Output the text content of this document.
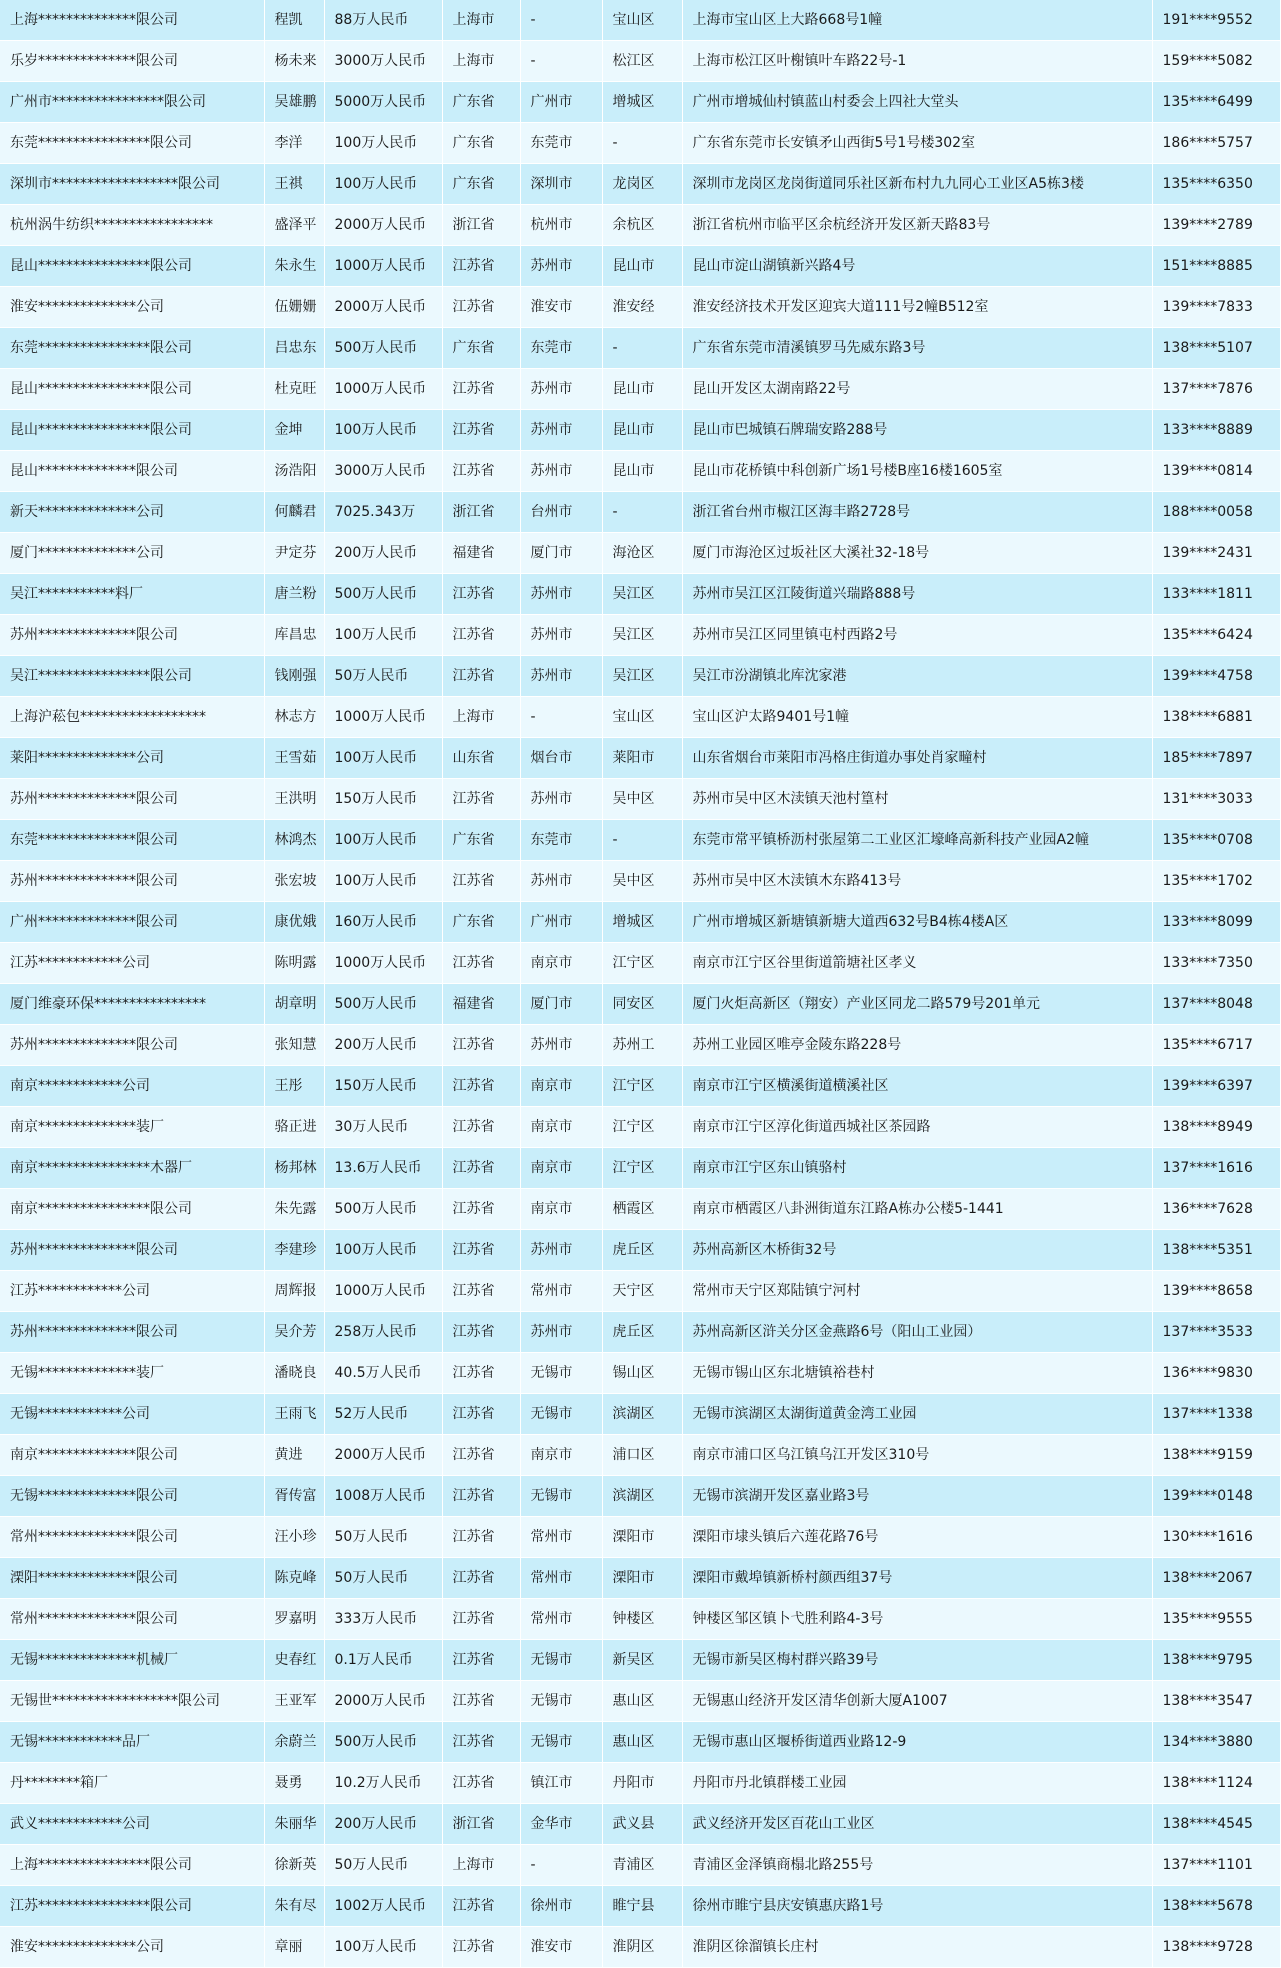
上海**************限公司	程凯	88万人民币	上海市	-	宝山区	上海市宝山区上大路668号1幢	191****9552
乐岁**************限公司	杨未来	3000万人民币	上海市	-	松江区	上海市松江区叶榭镇叶车路22号-1	159****5082
广州市****************限公司	吴雄鹏	5000万人民币	广东省	广州市	增城区	广州市增城仙村镇蓝山村委会上四社大堂头	135****6499
东莞****************限公司	李洋	100万人民币	广东省	东莞市	-	广东省东莞市长安镇矛山西街5号1号楼302室	186****5757
深圳市******************限公司	王祺	100万人民币	广东省	深圳市	龙岗区	深圳市龙岗区龙岗街道同乐社区新布村九九同心工业区A5栋3楼	135****6350
杭州涡牛纺织*****************	盛泽平	2000万人民币	浙江省	杭州市	余杭区	浙江省杭州市临平区余杭经济开发区新天路83号	139****2789
昆山****************限公司	朱永生	1000万人民币	江苏省	苏州市	昆山市	昆山市淀山湖镇新兴路4号	151****8885
淮安**************公司	伍姗姗	2000万人民币	江苏省	淮安市	淮安经	淮安经济技术开发区迎宾大道111号2幢B512室	139****7833
东莞****************限公司	吕忠东	500万人民币	广东省	东莞市	-	广东省东莞市清溪镇罗马先威东路3号	138****5107
昆山****************限公司	杜克旺	1000万人民币	江苏省	苏州市	昆山市	昆山开发区太湖南路22号	137****7876
昆山****************限公司	金坤	100万人民币	江苏省	苏州市	昆山市	昆山市巴城镇石牌瑞安路288号	133****8889
昆山**************限公司	汤浩阳	3000万人民币	江苏省	苏州市	昆山市	昆山市花桥镇中科创新广场1号楼B座16楼1605室	139****0814
新天**************公司	何麟君	7025.343万	浙江省	台州市	-	浙江省台州市椒江区海丰路2728号	188****0058
厦门**************公司	尹定芬	200万人民币	福建省	厦门市	海沧区	厦门市海沧区过坂社区大溪社32-18号	139****2431
吴江***********料厂	唐兰粉	500万人民币	江苏省	苏州市	吴江区	苏州市吴江区江陵街道兴瑞路888号	133****1811
苏州**************限公司	库昌忠	100万人民币	江苏省	苏州市	吴江区	苏州市吴江区同里镇屯村西路2号	135****6424
吴江****************限公司	钱刚强	50万人民币	江苏省	苏州市	吴江区	吴江市汾湖镇北库沈家港	139****4758
上海沪菘包******************	林志方	1000万人民币	上海市	-	宝山区	宝山区沪太路9401号1幢	138****6881
莱阳**************公司	王雪茹	100万人民币	山东省	烟台市	莱阳市	山东省烟台市莱阳市冯格庄街道办事处肖家疃村	185****7897
苏州**************限公司	王洪明	150万人民币	江苏省	苏州市	吴中区	苏州市吴中区木渎镇天池村篁村	131****3033
东莞**************限公司	林鸿杰	100万人民币	广东省	东莞市	-	东莞市常平镇桥沥村张屋第二工业区汇壕峰高新科技产业园A2幢	135****0708
苏州**************限公司	张宏坡	100万人民币	江苏省	苏州市	吴中区	苏州市吴中区木渎镇木东路413号	135****1702
广州**************限公司	康优娥	160万人民币	广东省	广州市	增城区	广州市增城区新塘镇新塘大道西632号B4栋4楼A区	133****8099
江苏************公司	陈明露	1000万人民币	江苏省	南京市	江宁区	南京市江宁区谷里街道箭塘社区孝义	133****7350
厦门维豪环保****************	胡章明	500万人民币	福建省	厦门市	同安区	厦门火炬高新区（翔安）产业区同龙二路579号201单元	137****8048
苏州**************限公司	张知慧	200万人民币	江苏省	苏州市	苏州工	苏州工业园区唯亭金陵东路228号	135****6717
南京************公司	王彤	150万人民币	江苏省	南京市	江宁区	南京市江宁区横溪街道横溪社区	139****6397
南京**************装厂	骆正进	30万人民币	江苏省	南京市	江宁区	南京市江宁区淳化街道西城社区茶园路	138****8949
南京****************木器厂	杨邦林	13.6万人民币	江苏省	南京市	江宁区	南京市江宁区东山镇骆村	137****1616
南京****************限公司	朱先露	500万人民币	江苏省	南京市	栖霞区	南京市栖霞区八卦洲街道东江路A栋办公楼5-1441	136****7628
苏州**************限公司	李建珍	100万人民币	江苏省	苏州市	虎丘区	苏州高新区木桥街32号	138****5351
江苏************公司	周辉报	1000万人民币	江苏省	常州市	天宁区	常州市天宁区郑陆镇宁河村	139****8658
苏州**************限公司	吴介芳	258万人民币	江苏省	苏州市	虎丘区	苏州高新区浒关分区金燕路6号（阳山工业园）	137****3533
无锡**************装厂	潘晓良	40.5万人民币	江苏省	无锡市	锡山区	无锡市锡山区东北塘镇裕巷村	136****9830
无锡************公司	王雨飞	52万人民币	江苏省	无锡市	滨湖区	无锡市滨湖区太湖街道黄金湾工业园	137****1338
南京**************限公司	黄进	2000万人民币	江苏省	南京市	浦口区	南京市浦口区乌江镇乌江开发区310号	138****9159
无锡**************限公司	胥传富	1008万人民币	江苏省	无锡市	滨湖区	无锡市滨湖开发区嘉业路3号	139****0148
常州**************限公司	汪小珍	50万人民币	江苏省	常州市	溧阳市	溧阳市埭头镇后六莲花路76号	130****1616
溧阳**************限公司	陈克峰	50万人民币	江苏省	常州市	溧阳市	溧阳市戴埠镇新桥村颜西组37号	138****2067
常州**************限公司	罗嘉明	333万人民币	江苏省	常州市	钟楼区	钟楼区邹区镇卜弋胜利路4-3号	135****9555
无锡**************机械厂	史春红	0.1万人民币	江苏省	无锡市	新吴区	无锡市新吴区梅村群兴路39号	138****9795
无锡世******************限公司	王亚军	2000万人民币	江苏省	无锡市	惠山区	无锡惠山经济开发区清华创新大厦A1007	138****3547
无锡************品厂	余蔚兰	500万人民币	江苏省	无锡市	惠山区	无锡市惠山区堰桥街道西业路12-9	134****3880
丹********箱厂	聂勇	10.2万人民币	江苏省	镇江市	丹阳市	丹阳市丹北镇群楼工业园	138****1124
武义************公司	朱丽华	200万人民币	浙江省	金华市	武义县	武义经济开发区百花山工业区	138****4545
上海****************限公司	徐新英	50万人民币	上海市	-	青浦区	青浦区金泽镇商榻北路255号	137****1101
江苏****************限公司	朱有尽	1002万人民币	江苏省	徐州市	睢宁县	徐州市睢宁县庆安镇惠庆路1号	138****5678
淮安**************公司	章丽	100万人民币	江苏省	淮安市	淮阴区	淮阴区徐溜镇长庄村	138****9728
